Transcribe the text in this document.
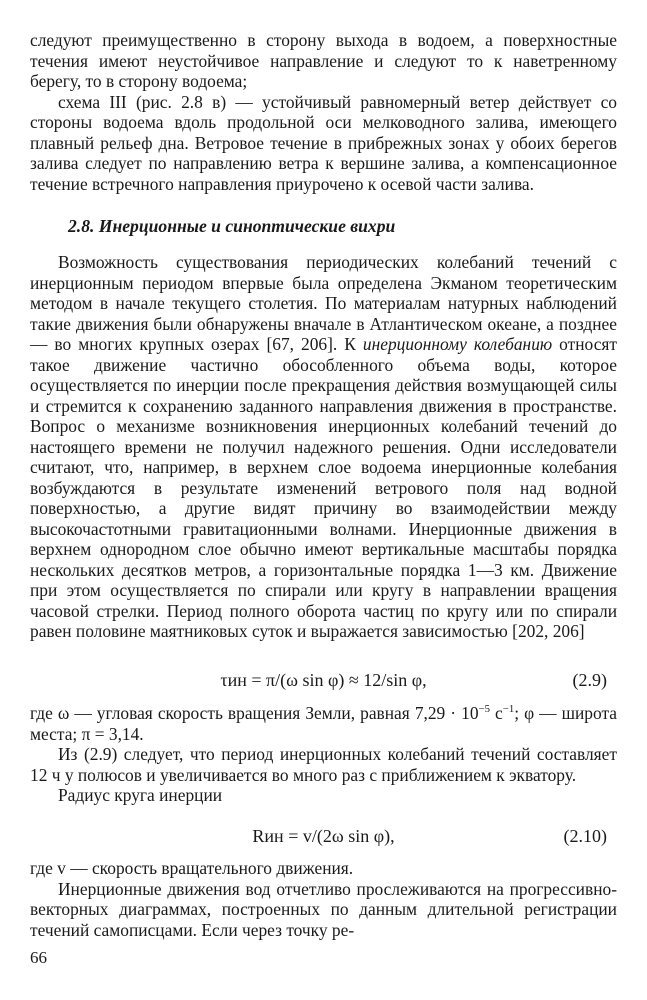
следуют преимущественно в сторону выхода в водоем, а поверхностные течения имеют неустойчивое направление и следуют то к наветренному берегу, то в сторону водоема;

схема III (рис. 2.8 в) — устойчивый равномерный ветер действует со стороны водоема вдоль продольной оси мелководного залива, имеющего плавный рельеф дна. Ветровое течение в прибрежных зонах у обоих берегов залива следует по направлению ветра к вершине залива, а компенсационное течение встречного направления приурочено к осевой части залива.

2.8. Инерционные и синоптические вихри

Возможность существования периодических колебаний течений с инерционным периодом впервые была определена Экманом теоретическим методом в начале текущего столетия. По материалам натурных наблюдений такие движения были обнаружены вначале в Атлантическом океане, а позднее — во многих крупных озерах [67, 206]. К инерционному колебанию относят такое движение частично обособленного объема воды, которое осуществляется по инерции после прекращения действия возмущающей силы и стремится к сохранению заданного направления движения в пространстве. Вопрос о механизме возникновения инерционных колебаний течений до настоящего времени не получил надежного решения. Одни исследователи считают, что, например, в верхнем слое водоема инерционные колебания возбуждаются в результате изменений ветрового поля над водной поверхностью, а другие видят причину во взаимодействии между высокочастотными гравитационными волнами. Инерционные движения в верхнем однородном слое обычно имеют вертикальные масштабы порядка нескольких десятков метров, а горизонтальные порядка 1—3 км. Движение при этом осуществляется по спирали или кругу в направлении вращения часовой стрелки. Период полного оборота частиц по кругу или по спирали равен половине маятниковых суток и выражается зависимостью [202, 206]

τин = π/(ω sin φ) ≈ 12/sin φ,	(2.9)

где ω — угловая скорость вращения Земли, равная $7,29 \cdot 10^{-5}$ $с^{-1}$; φ — широта места; π = 3,14.

Из (2.9) следует, что период инерционных колебаний течений составляет 12 ч у полюсов и увеличивается во много раз с приближением к экватору.

Радиус круга инерции

Rин = v/(2ω sin φ),	(2.10)

где v — скорость вращательного движения.

Инерционные движения вод отчетливо прослеживаются на прогрессивно-векторных диаграммах, построенных по данным длительной регистрации течений самописцами. Если через точку ре-

66
